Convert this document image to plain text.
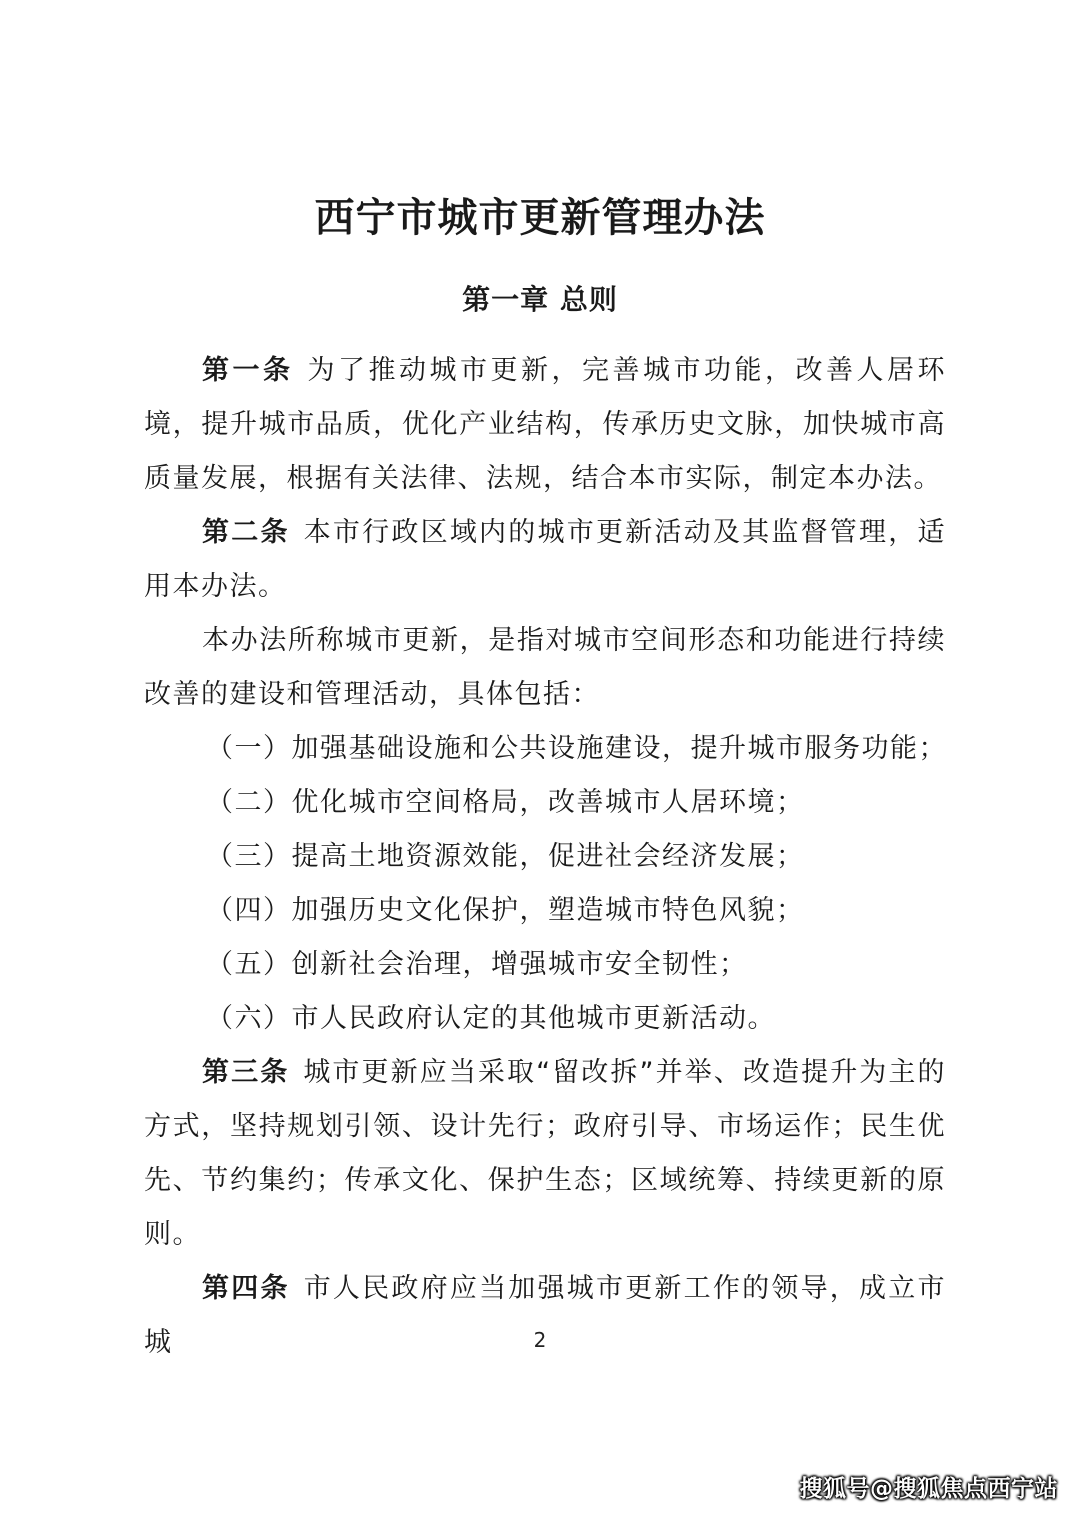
西宁市城市更新管理办法
第一章 总则

第一条 为了推动城市更新，完善城市功能，改善人居环境，提升城市品质，优化产业结构，传承历史文脉，加快城市高质量发展，根据有关法律、法规，结合本市实际，制定本办法。

第二条 本市行政区域内的城市更新活动及其监督管理，适用本办法。

本办法所称城市更新，是指对城市空间形态和功能进行持续改善的建设和管理活动，具体包括：

（一）加强基础设施和公共设施建设，提升城市服务功能；

（二）优化城市空间格局，改善城市人居环境；

（三）提高土地资源效能，促进社会经济发展；

（四）加强历史文化保护，塑造城市特色风貌；

（五）创新社会治理，增强城市安全韧性；

（六）市人民政府认定的其他城市更新活动。

第三条 城市更新应当采取“留改拆”并举、改造提升为主的方式，坚持规划引领、设计先行；政府引导、市场运作；民生优先、节约集约；传承文化、保护生态；区域统筹、持续更新的原则。

第四条 市人民政府应当加强城市更新工作的领导，成立市城	2
搜狐号@搜狐焦点西宁站
